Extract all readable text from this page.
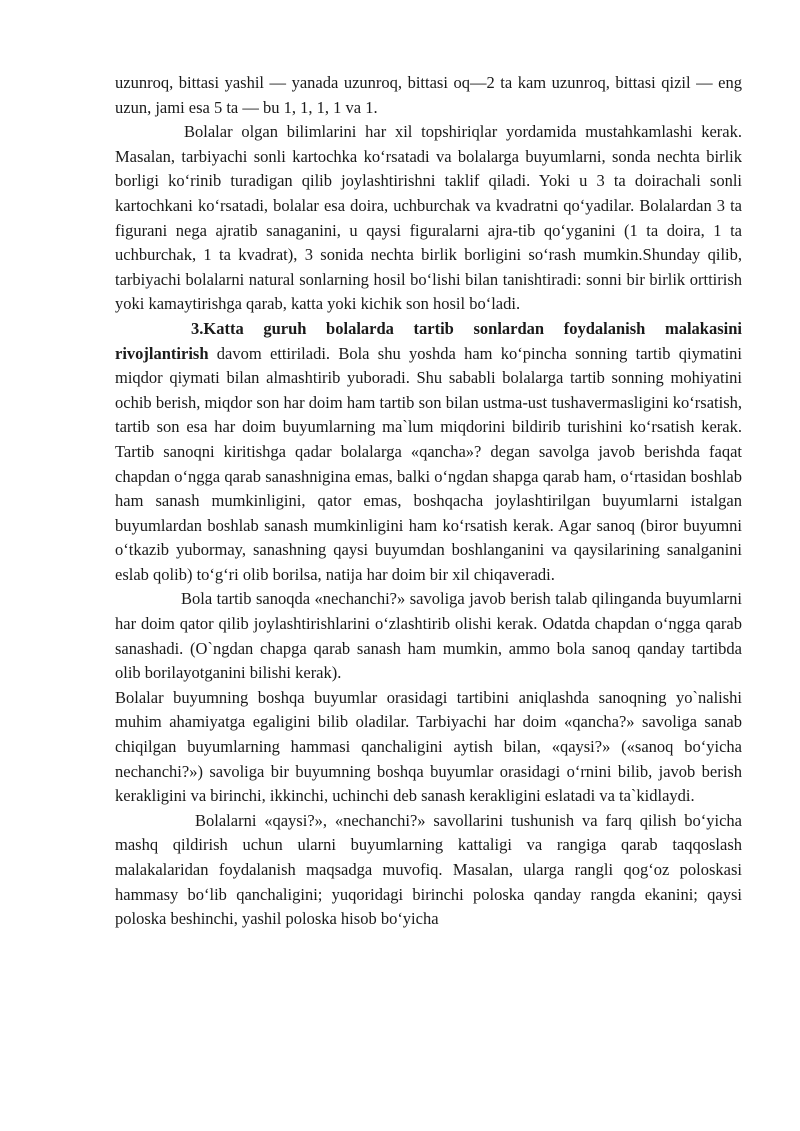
uzunroq, bittasi yashil — yanada uzunroq, bittasi oq—2 ta kam uzunroq, bittasi qizil — eng uzun, jami esa 5 ta — bu 1, 1, 1, 1 va 1.

Bolalar olgan bilimlarini har xil topshiriqlar yordamida mustahkamlashi kerak. Masalan, tarbiyachi sonli kartochka ko‘rsatadi va bolalarga buyumlarni, sonda nechta birlik borligi ko‘rinib turadigan qilib joylashtirishni taklif qiladi. Yoki u 3 ta doirachali sonli kartochkani ko‘rsatadi, bolalar esa doira, uchburchak va kvadratni qo‘yadilar. Bolalardan 3 ta figurani nega ajratib sanaganini, u qaysi figuralarni ajra-tib qo‘yganini (1 ta doira, 1 ta uchburchak, 1 ta kvadrat), 3 sonida nechta birlik borligini so‘rash mumkin.Shunday qilib, tarbiyachi bolalarni natural sonlarning hosil bo‘lishi bilan tanishtiradi: sonni bir birlik orttirish yoki kamaytirishga qarab, katta yoki kichik son hosil bo‘ladi.

3.Katta guruh bolalarda tartib sonlardan foydalanish malakasini rivojlantirish davom ettiriladi. Bola shu yoshda ham ko‘pincha sonning tartib qiymatini miqdor qiymati bilan almashtirib yuboradi. Shu sababli bolalarga tartib sonning mohiyatini ochib berish, miqdor son har doim ham tartib son bilan ustma-ust tushavermasligini ko‘rsatish, tartib son esa har doim buyumlarning ma`lum miqdorini bildirib turishini ko‘rsatish kerak. Tartib sanoqni kiritishga qadar bolalarga «qancha»? degan savolga javob berishda faqat chapdan o‘ngga qarab sanashnigina emas, balki o‘ngdan shapga qarab ham, o‘rtasidan boshlab ham sanash mumkinligini, qator emas, boshqacha joylashtirilgan buyumlarni istalgan buyumlardan boshlab sanash mumkinligini ham ko‘rsatish kerak. Agar sanoq (biror buyumni o‘tkazib yubormay, sanashning qaysi buyumdan boshlanganini va qaysilarining sanalganini eslab qolib) to‘g‘ri olib borilsa, natija har doim bir xil chiqaveradi.

Bola tartib sanoqda «nechanchi?» savoliga javob berish talab qilinganda buyumlarni har doim qator qilib joylashtirishlarini o‘zlashtirib olishi kerak. Odatda chapdan o‘ngga qarab sanashadi. (O`ngdan chapga qarab sanash ham mumkin, ammo bola sanoq qanday tartibda olib borilayotganini bilishi kerak).

Bolalar buyumning boshqa buyumlar orasidagi tartibini aniqlashda sanoqning yo`nalishi muhim ahamiyatga egaligini bilib oladilar. Tarbiyachi har doim «qancha?» savoliga sanab chiqilgan buyumlarning hammasi qanchaligini aytish bilan, «qaysi?» («sanoq bo‘yicha nechanchi?») savoliga bir buyumning boshqa buyumlar orasidagi o‘rnini bilib, javob berish kerakligini va birinchi, ikkinchi, uchinchi deb sanash kerakligini eslatadi va ta`kidlaydi.

Bolalarni «qaysi?», «nechanchi?» savollarini tushunish va farq qilish bo‘yicha mashq qildirish uchun ularni buyumlarning kattaligi va rangiga qarab taqqoslash malakalaridan foydalanish maqsadga muvofiq. Masalan, ularga rangli qog‘oz poloskasi hammasy bo‘lib qanchaligini; yuqoridagi birinchi poloska qanday rangda ekanini; qaysi poloska beshinchi, yashil poloska hisob bo‘yicha
